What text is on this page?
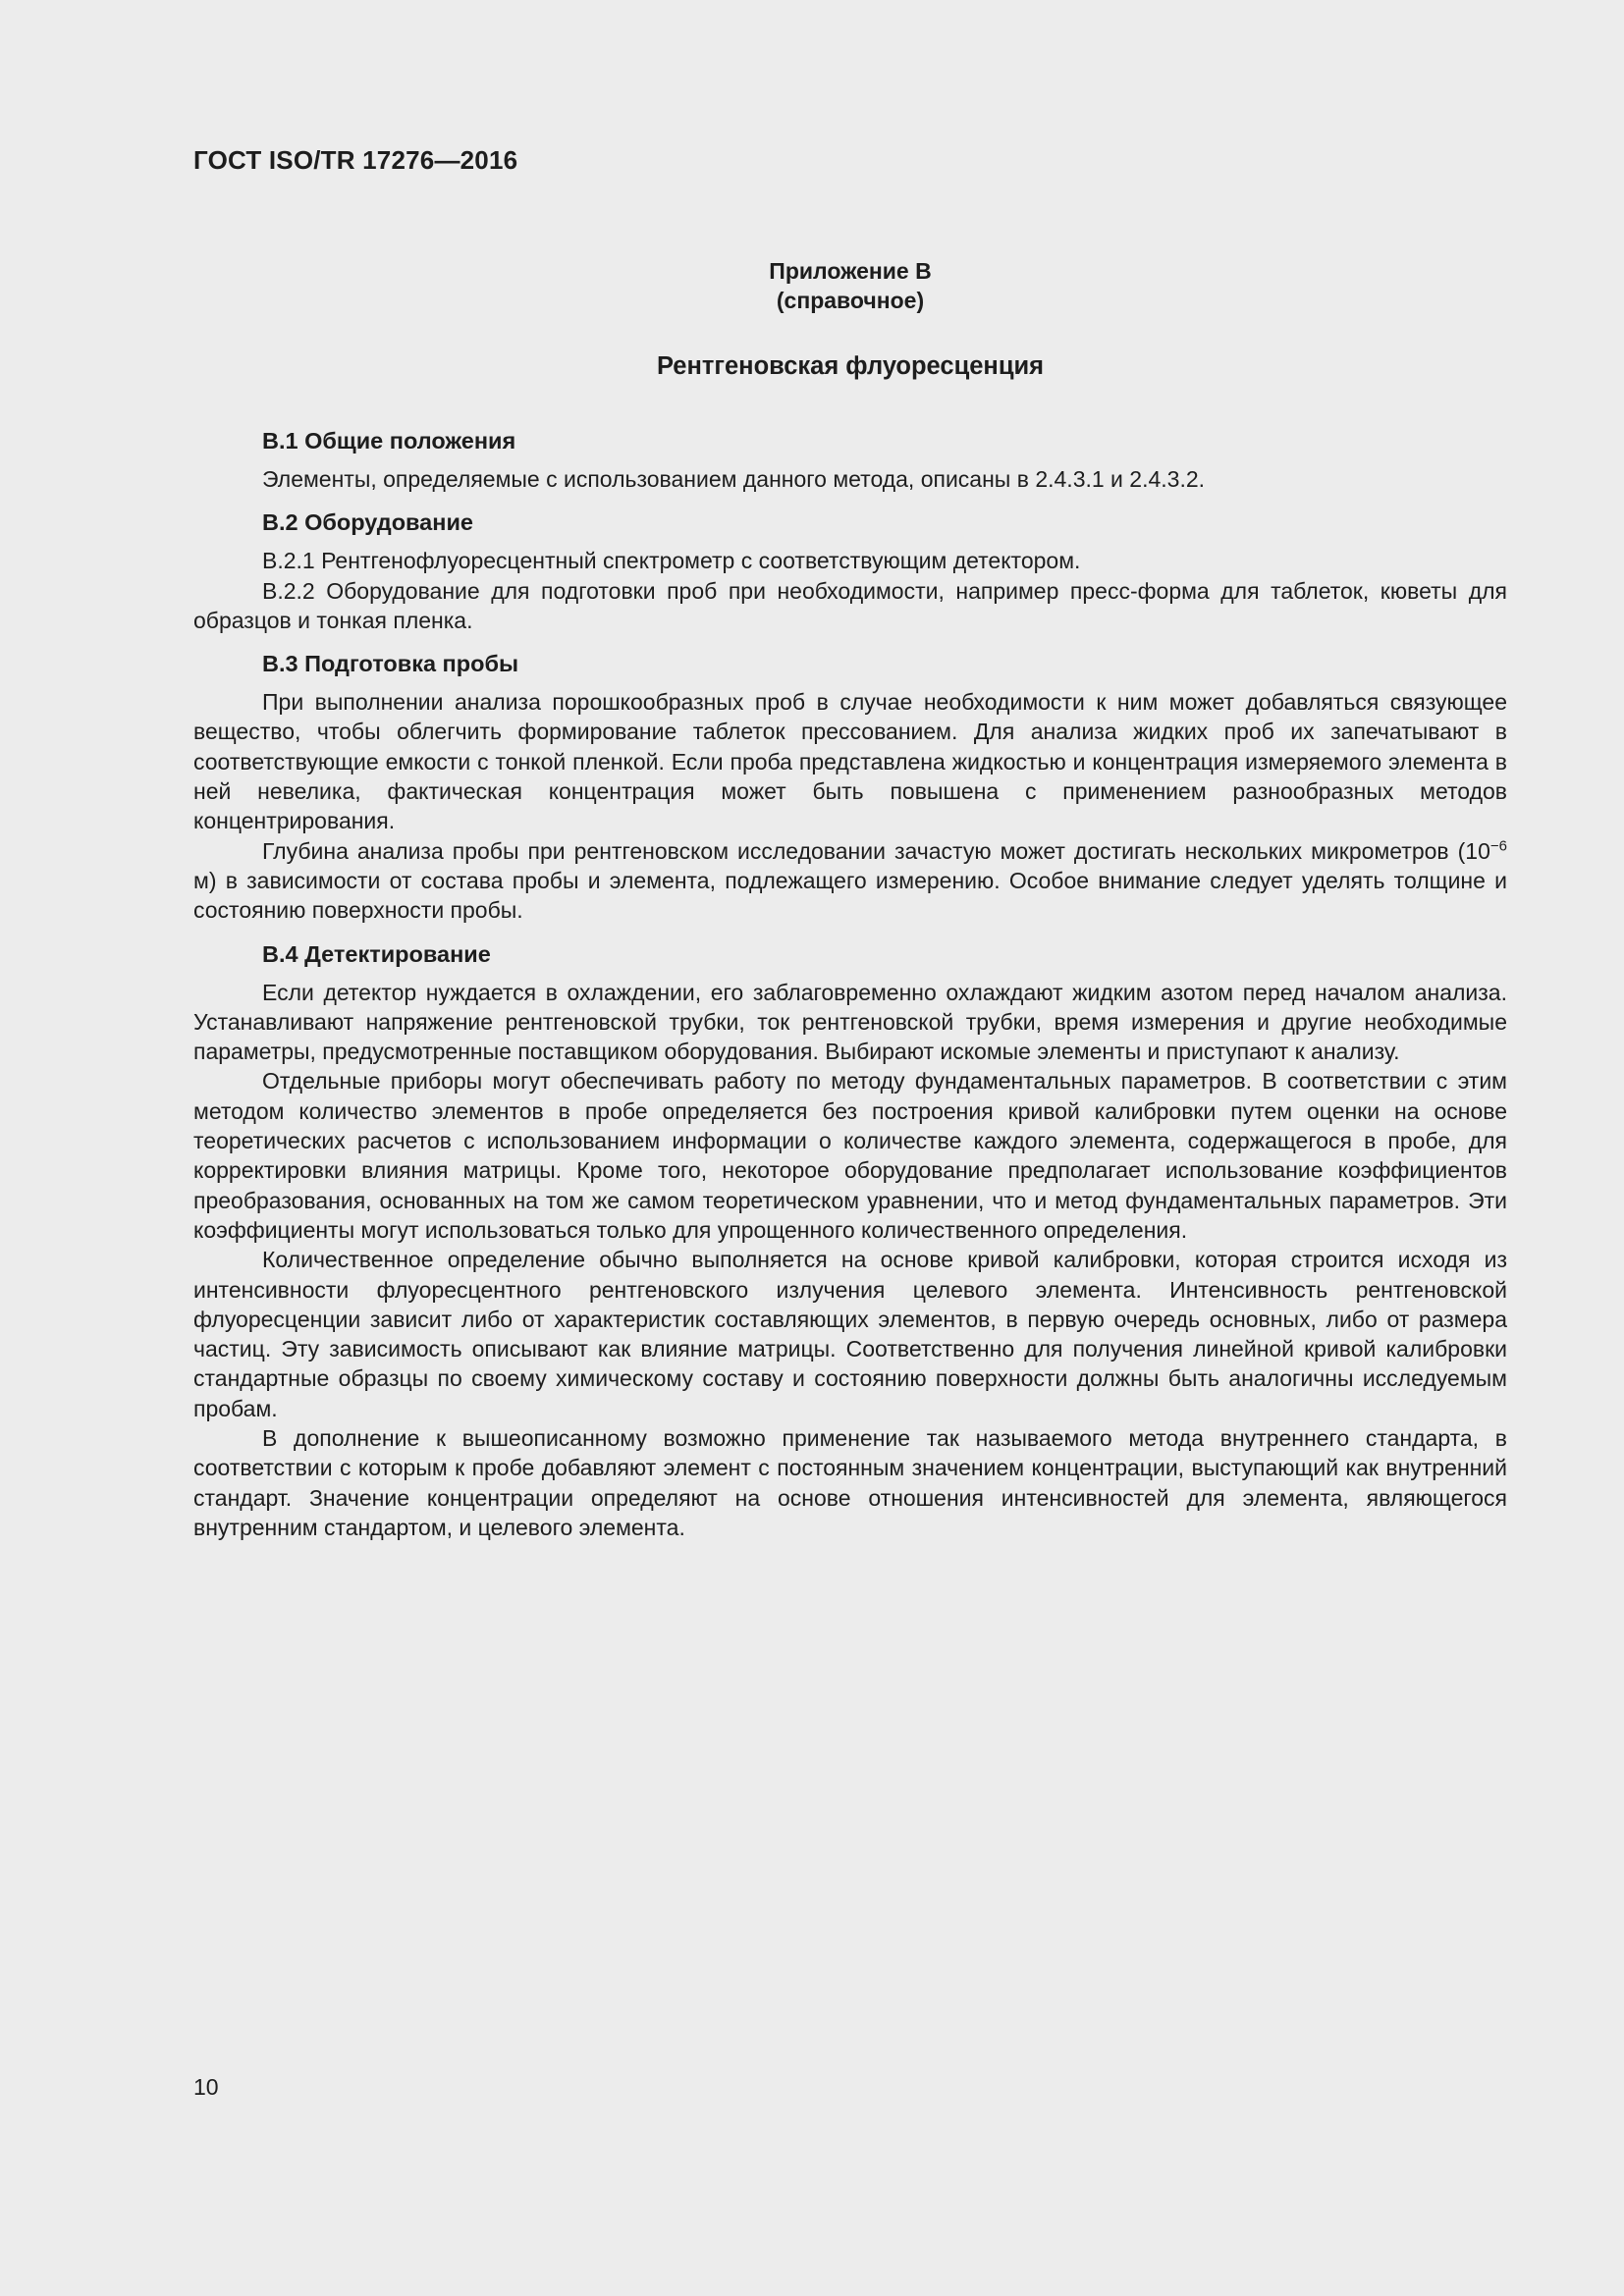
ГОСТ ISO/TR 17276—2016

Приложение В
(справочное)
Рентгеновская флуоресценция

В.1 Общие положения

Элементы, определяемые с использованием данного метода, описаны в 2.4.3.1 и 2.4.3.2.

В.2 Оборудование

В.2.1 Рентгенофлуоресцентный спектрометр с соответствующим детектором.

В.2.2 Оборудование для подготовки проб при необходимости, например пресс-форма для таблеток, кюветы для образцов и тонкая пленка.

В.3 Подготовка пробы

При выполнении анализа порошкообразных проб в случае необходимости к ним может добавляться связующее вещество, чтобы облегчить формирование таблеток прессованием. Для анализа жидких проб их запечатывают в соответствующие емкости с тонкой пленкой. Если проба представлена жидкостью и концентрация измеряемого элемента в ней невелика, фактическая концентрация может быть повышена с применением разнообразных методов концентрирования.

Глубина анализа пробы при рентгеновском исследовании зачастую может достигать нескольких микрометров ($10^{-6}$ м) в зависимости от состава пробы и элемента, подлежащего измерению. Особое внимание следует уделять толщине и состоянию поверхности пробы.

В.4 Детектирование

Если детектор нуждается в охлаждении, его заблаговременно охлаждают жидким азотом перед началом анализа. Устанавливают напряжение рентгеновской трубки, ток рентгеновской трубки, время измерения и другие необходимые параметры, предусмотренные поставщиком оборудования. Выбирают искомые элементы и приступают к анализу.

Отдельные приборы могут обеспечивать работу по методу фундаментальных параметров. В соответствии с этим методом количество элементов в пробе определяется без построения кривой калибровки путем оценки на основе теоретических расчетов с использованием информации о количестве каждого элемента, содержащегося в пробе, для корректировки влияния матрицы. Кроме того, некоторое оборудование предполагает использование коэффициентов преобразования, основанных на том же самом теоретическом уравнении, что и метод фундаментальных параметров. Эти коэффициенты могут использоваться только для упрощенного количественного определения.

Количественное определение обычно выполняется на основе кривой калибровки, которая строится исходя из интенсивности флуоресцентного рентгеновского излучения целевого элемента. Интенсивность рентгеновской флуоресценции зависит либо от характеристик составляющих элементов, в первую очередь основных, либо от размера частиц. Эту зависимость описывают как влияние матрицы. Соответственно для получения линейной кривой калибровки стандартные образцы по своему химическому составу и состоянию поверхности должны быть аналогичны исследуемым пробам.

В дополнение к вышеописанному возможно применение так называемого метода внутреннего стандарта, в соответствии с которым к пробе добавляют элемент с постоянным значением концентрации, выступающий как внутренний стандарт. Значение концентрации определяют на основе отношения интенсивностей для элемента, являющегося внутренним стандартом, и целевого элемента.

10
